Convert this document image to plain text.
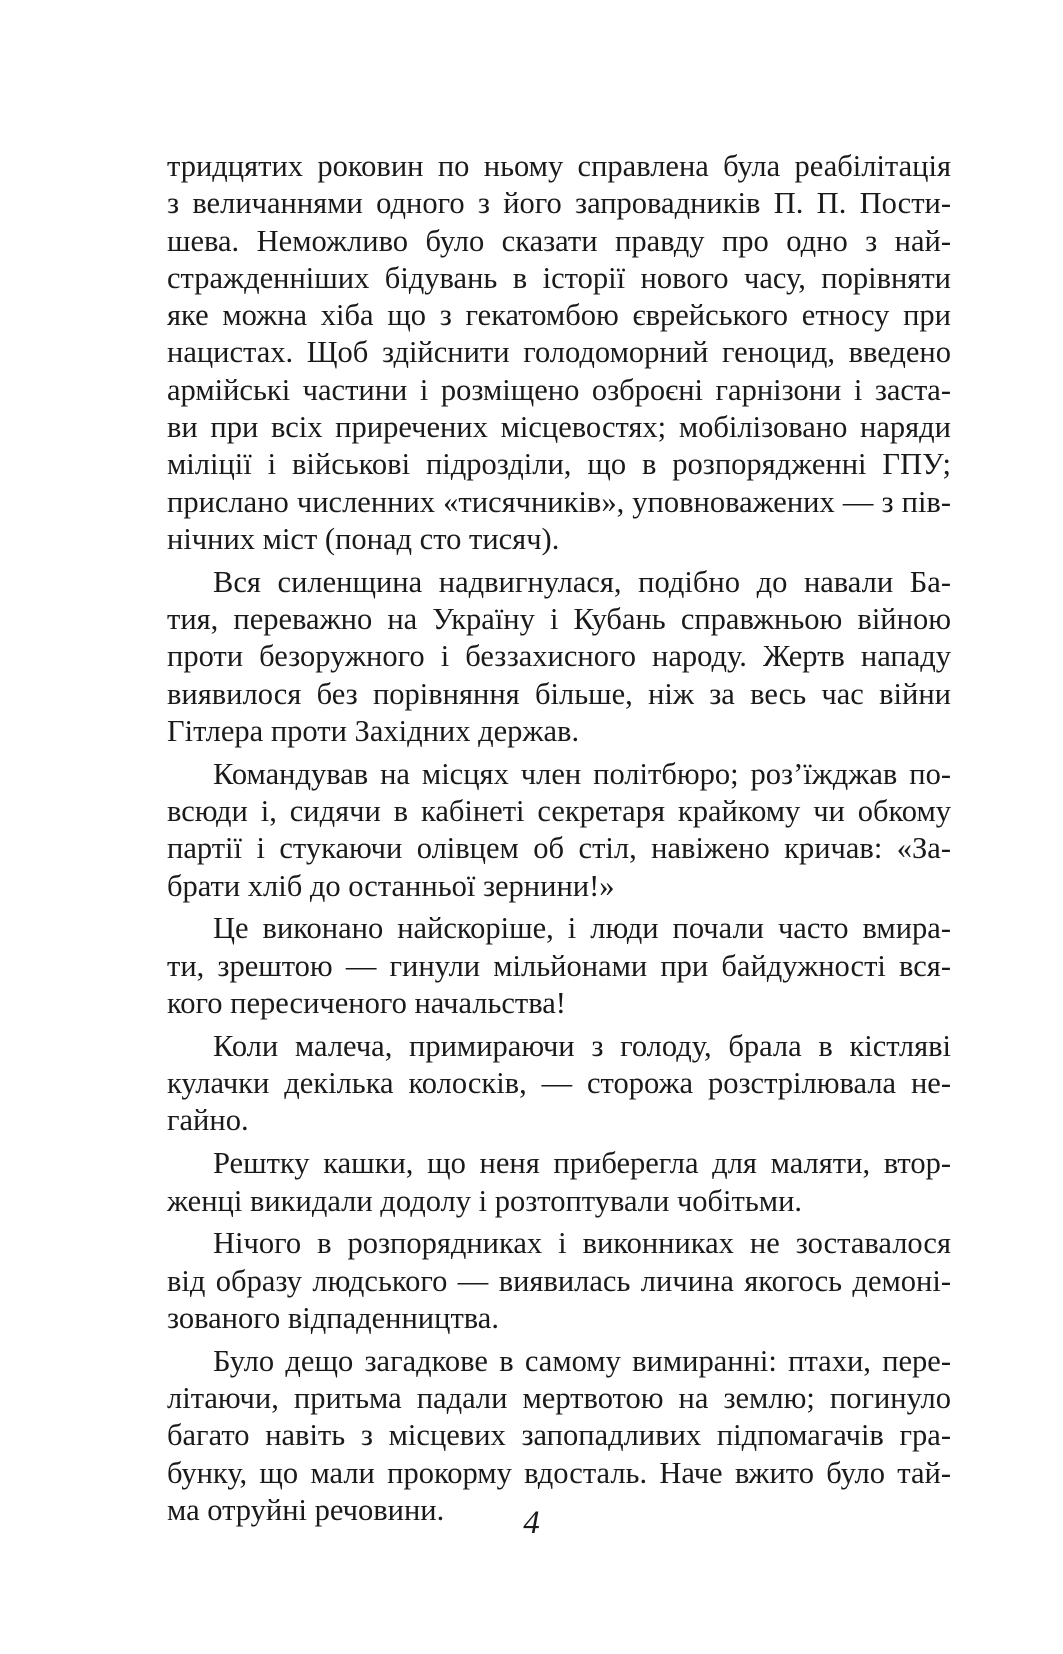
тридцятих роковин по ньому справлена була реабілітація
з величаннями одного з його запровадників П. П. Пости-
шева. Неможливо було сказати правду про одно з най-
стражденніших бідувань в історії нового часу, порівняти
яке можна хіба що з гекатомбою єврейського етносу при
нацистах. Щоб здійснити голодоморний геноцид, введено
армійські частини і розміщено озброєні гарнізони і застa-
ви при всіх приречених місцевостях; мобілізовано наряди
міліції і військові підрозділи, що в розпорядженні ГПУ;
прислано численних «тисячників», уповноважених — з пів-
нічних міст (понад сто тисяч).

Вся силенщина надвигнулася, подібно до навали Ба-
тия, переважно на Україну і Кубань справжньою війною
проти безоружного і беззахисного народу. Жертв нападу
виявилося без порівняння більше, ніж за весь час війни
Гітлера проти Західних держав.

Командував на місцях член політбюро; роз’їжджав по-
всюди і, сидячи в кабінеті секретаря крайкому чи обкому
партії і стукаючи олівцем об стіл, навіжено кричав: «За-
брати хліб до останньої зернини!»

Це виконано найскоріше, і люди почали часто вмира-
ти, зрештою — гинули мільйонами при байдужності вся-
кого пересиченого начальства!

Коли малеча, примираючи з голоду, брала в кістляві
кулачки декілька колосків, — сторожа розстрілювала не-
гайно.

Рештку кашки, що неня приберегла для маляти, втор-
женці викидали додолу і розтоптували чобітьми.

Нічого в розпорядниках і виконниках не зоставалося
від образу людського — виявилась личина якогось демоні-
зованого відпаденництва.

Було дещо загадкове в самому вимиранні: птахи, пере-
літаючи, притьма падали мертвотою на землю; погинуло
багато навіть з місцевих запопадливих підпомагачів гра-
бунку, що мали прокорму вдосталь. Наче вжито було тай-
ма отруйні речовини.	4
